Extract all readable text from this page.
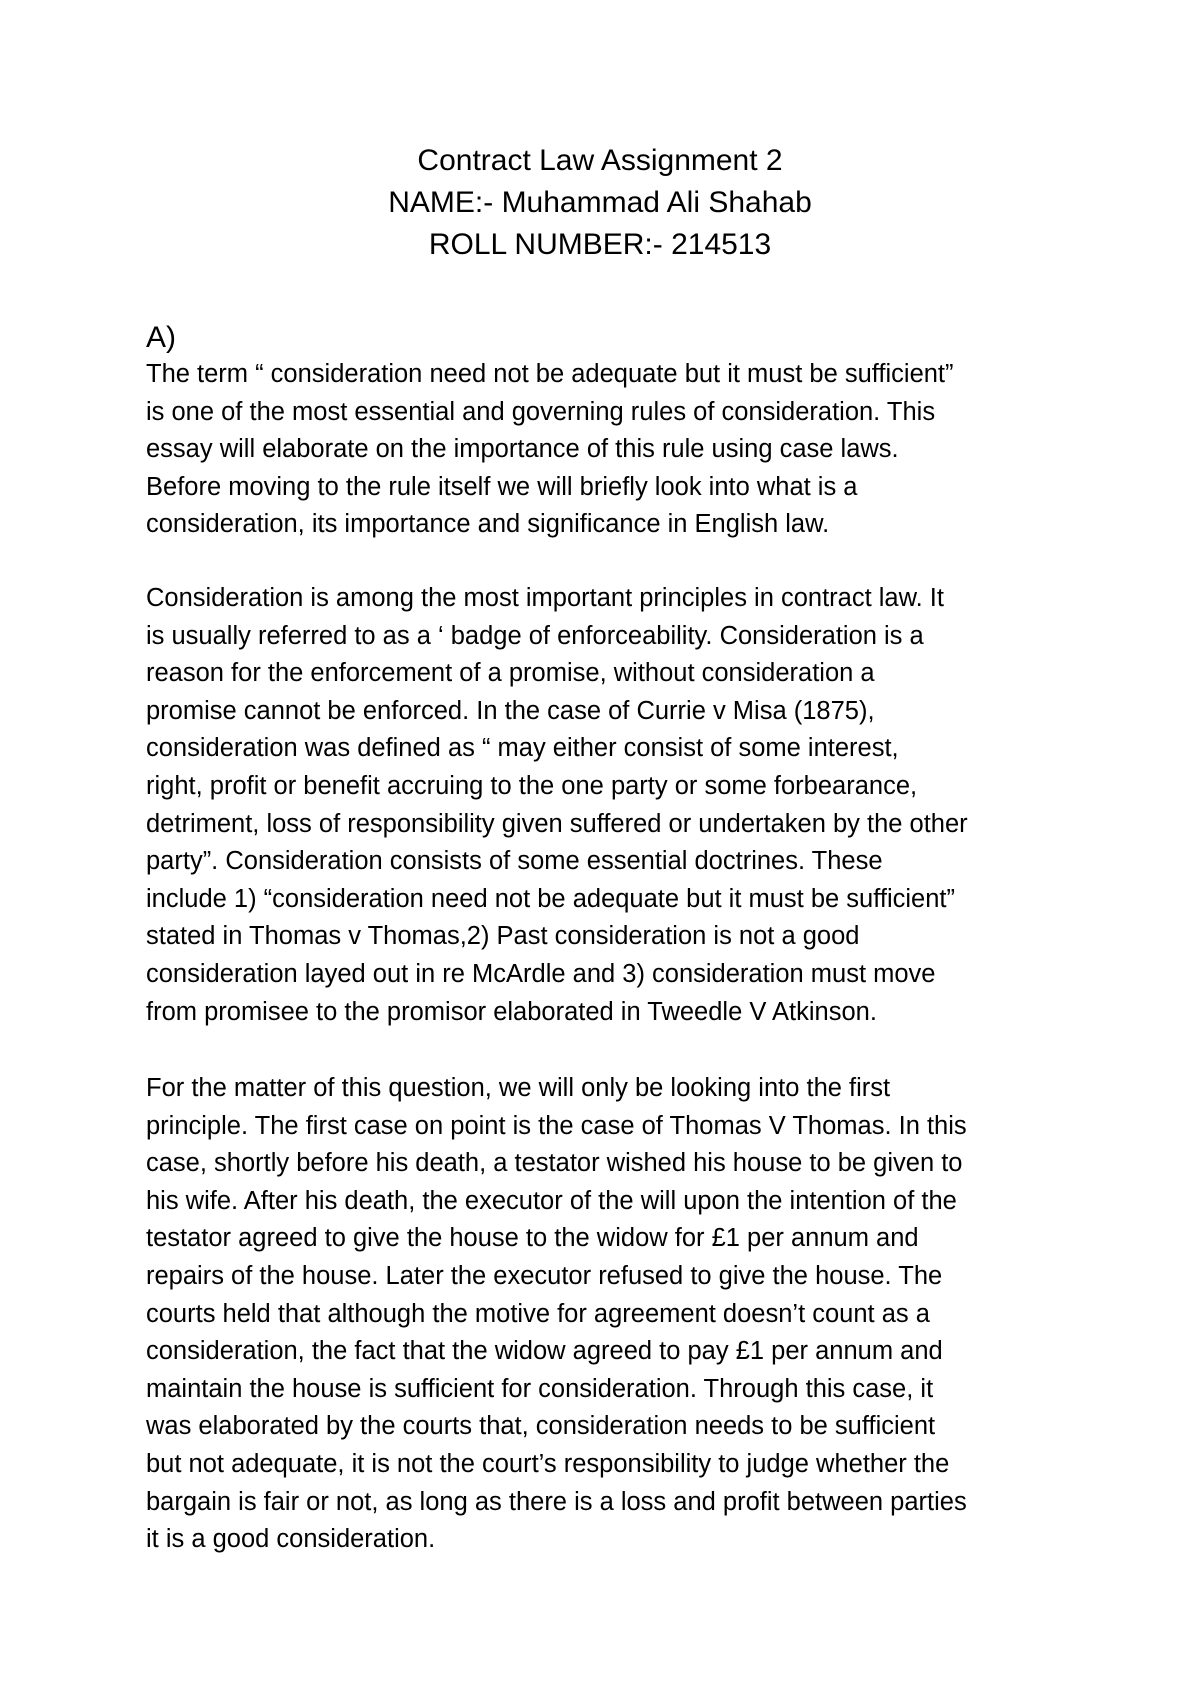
Contract Law Assignment 2
NAME:- Muhammad Ali Shahab
ROLL NUMBER:- 214513
A)
The term “ consideration need not be adequate but it must be sufficient”
is one of the most essential and governing rules of consideration. This
essay will elaborate on the importance of this rule using case laws.
Before moving to the rule itself we will briefly look into what is a
consideration, its importance and significance in English law.
Consideration is among the most important principles in contract law. It
is usually referred to as a ‘ badge of enforceability. Consideration is a
reason for the enforcement of a promise, without consideration a
promise cannot be enforced. In the case of Currie v Misa (1875),
consideration was defined as “ may either consist of some interest,
right, profit or benefit accruing to the one party or some forbearance,
detriment, loss of responsibility given suffered or undertaken by the other
party”. Consideration consists of some essential doctrines. These
include 1) “consideration need not be adequate but it must be sufficient”
stated in Thomas v Thomas,2) Past consideration is not a good
consideration layed out in re McArdle and 3) consideration must move
from promisee to the promisor elaborated in Tweedle V Atkinson.
For the matter of this question, we will only be looking into the first
principle. The first case on point is the case of Thomas V Thomas. In this
case, shortly before his death, a testator wished his house to be given to
his wife. After his death, the executor of the will upon the intention of the
testator agreed to give the house to the widow for £1 per annum and
repairs of the house. Later the executor refused to give the house. The
courts held that although the motive for agreement doesn’t count as a
consideration, the fact that the widow agreed to pay £1 per annum and
maintain the house is sufficient for consideration. Through this case, it
was elaborated by the courts that, consideration needs to be sufficient
but not adequate, it is not the court’s responsibility to judge whether the
bargain is fair or not, as long as there is a loss and profit between parties
it is a good consideration.
